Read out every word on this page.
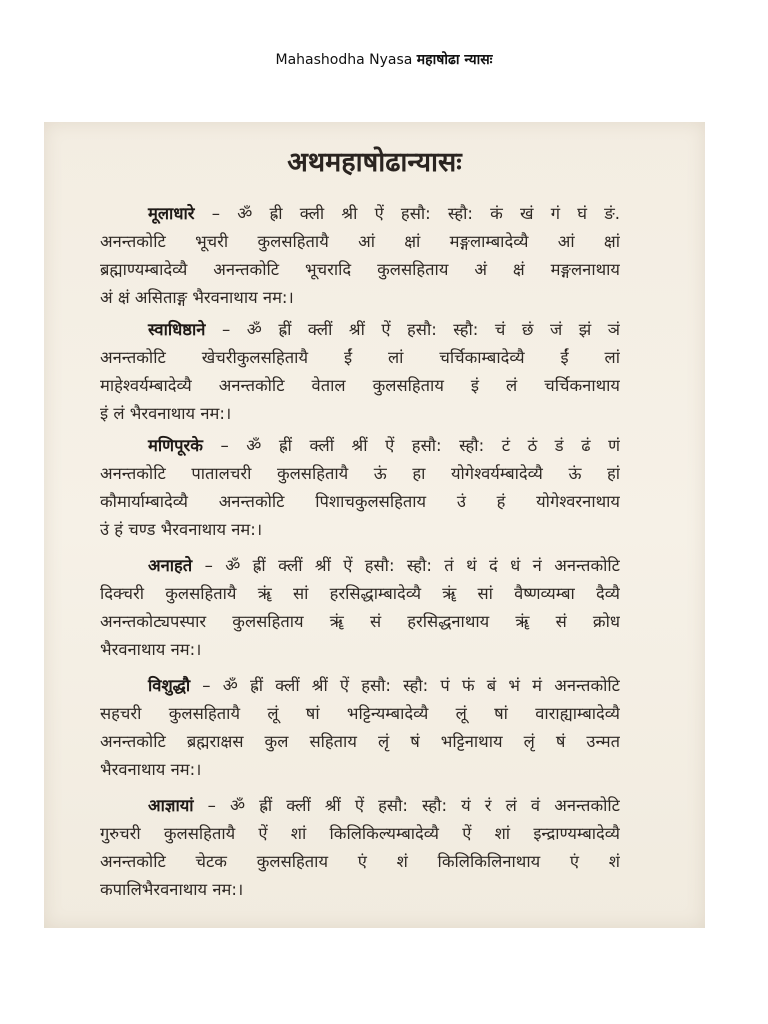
Mahashodha Nyasa महाषोढा न्यासः
अथमहाषोढान्यासः
मूलाधारे – ॐ ह्री क्ली श्री ऐं हसौ: स्हौ: कं खं गं घं ङं.
अनन्तकोटि भूचरी कुलसहितायै आं क्षां मङ्गलाम्बादेव्यै आं क्षां
ब्रह्माण्यम्बादेव्यै अनन्तकोटि भूचरादि कुलसहिताय अं क्षं मङ्गलनाथाय
अं क्षं असिताङ्ग भैरवनाथाय नम:।
स्वाधिष्ठाने – ॐ ह्रीं क्लीं श्रीं ऐं हसौ: स्हौ: चं छं जं झं ञं
अनन्तकोटि खेचरीकुलसहितायै ईं लां चर्चिकाम्बादेव्यै ईं लां
माहेश्वर्यम्बादेव्यै अनन्तकोटि वेताल कुलसहिताय इं लं चर्चिकनाथाय
इं लं भैरवनाथाय नम:।
मणिपूरके – ॐ ह्रीं क्लीं श्रीं ऐं हसौ: स्हौ: टं ठं डं ढं णं
अनन्तकोटि पातालचरी कुलसहितायै ऊं हा योगेश्वर्यम्बादेव्यै ऊं हां
कौमार्याम्बादेव्यै अनन्तकोटि पिशाचकुलसहिताय उं हं योगेश्वरनाथाय
उं हं चण्ड भैरवनाथाय नम:।
अनाहते – ॐ ह्रीं क्लीं श्रीं ऐं हसौ: स्हौ: तं थं दं धं नं अनन्तकोटि
दिक्चरी कुलसहितायै ॠं सां हरसिद्धाम्बादेव्यै ॠं सां वैष्णव्यम्बा दैव्यै
अनन्तकोट्यपस्पार कुलसहिताय ॠं सं हरसिद्धनाथाय ॠं सं क्रोध
भैरवनाथाय नम:।
विशुद्धौ – ॐ ह्रीं क्लीं श्रीं ऐं हसौ: स्हौ: पं फं बं भं मं अनन्तकोटि
सहचरी कुलसहितायै लूं षां भट्टिन्यम्बादेव्यै लूं षां वाराह्याम्बादेव्यै
अनन्तकोटि ब्रह्मराक्षस कुल सहिताय लृं षं भट्टिनाथाय लृं षं उन्मत
भैरवनाथाय नम:।
आज्ञायां – ॐ ह्रीं क्लीं श्रीं ऐं हसौ: स्हौ: यं रं लं वं अनन्तकोटि
गुरुचरी कुलसहितायै ऐं शां किलिकिल्यम्बादेव्यै ऐं शां इन्द्राण्यम्बादेव्यै
अनन्तकोटि चेटक कुलसहिताय एं शं किलिकिलिनाथाय एं शं
कपालिभैरवनाथाय नम:।
